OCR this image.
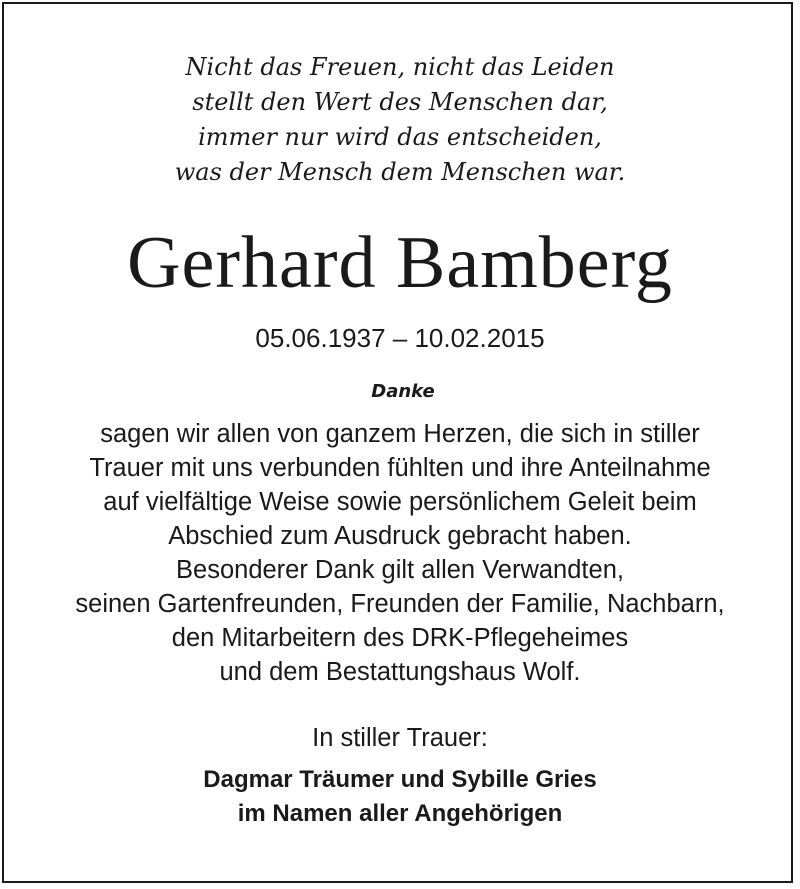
Nicht das Freuen, nicht das Leiden
stellt den Wert des Menschen dar,
immer nur wird das entscheiden,
was der Mensch dem Menschen war.
Gerhard Bamberg
05.06.1937 – 10.02.2015
Danke
sagen wir allen von ganzem Herzen, die sich in stiller
Trauer mit uns verbunden fühlten und ihre Anteilnahme
auf vielfältige Weise sowie persönlichem Geleit beim
Abschied zum Ausdruck gebracht haben.
Besonderer Dank gilt allen Verwandten,
seinen Gartenfreunden, Freunden der Familie, Nachbarn,
den Mitarbeitern des DRK-Pflegeheimes
und dem Bestattungshaus Wolf.
In stiller Trauer:
Dagmar Träumer und Sybille Gries
im Namen aller Angehörigen
